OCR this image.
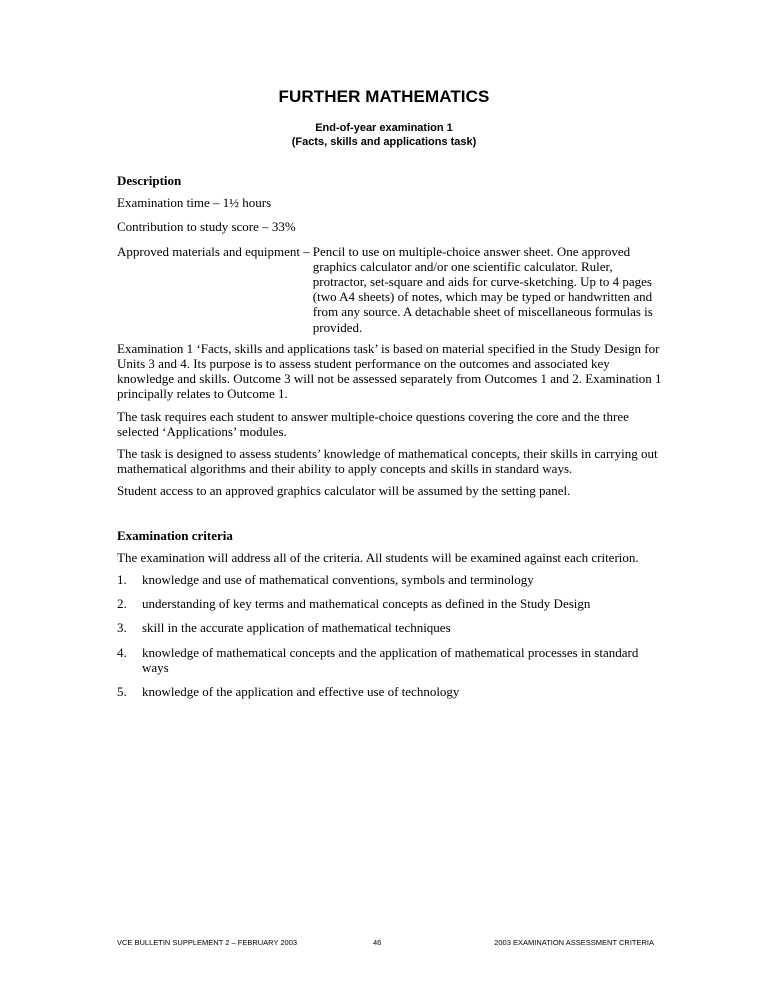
FURTHER MATHEMATICS
End-of-year examination 1
(Facts, skills and applications task)

Description

Examination time – 1½ hours

Contribution to study score – 33%

Approved materials and equipment – Pencil to use on multiple-choice answer sheet. One approved graphics calculator and/or one scientific calculator. Ruler, protractor, set-square and aids for curve-sketching. Up to 4 pages (two A4 sheets) of notes, which may be typed or handwritten and from any source. A detachable sheet of miscellaneous formulas is provided.

Examination 1 ‘Facts, skills and applications task’ is based on material specified in the Study Design for Units 3 and 4. Its purpose is to assess student performance on the outcomes and associated key knowledge and skills. Outcome 3 will not be assessed separately from Outcomes 1 and 2. Examination 1 principally relates to Outcome 1.

The task requires each student to answer multiple-choice questions covering the core and the three selected ‘Applications’ modules.

The task is designed to assess students’ knowledge of mathematical concepts, their skills in carrying out mathematical algorithms and their ability to apply concepts and skills in standard ways.

Student access to an approved graphics calculator will be assumed by the setting panel.

Examination criteria

The examination will address all of the criteria. All students will be examined against each criterion.

1.	knowledge and use of mathematical conventions, symbols and terminology
2.	understanding of key terms and mathematical concepts as defined in the Study Design
3.	skill in the accurate application of mathematical techniques
4.	knowledge of mathematical concepts and the application of mathematical processes in standard ways
5.	knowledge of the application and effective use of technology
VCE BULLETIN SUPPLEMENT 2 – FEBRUARY 2003	46	2003 EXAMINATION ASSESSMENT CRITERIA
